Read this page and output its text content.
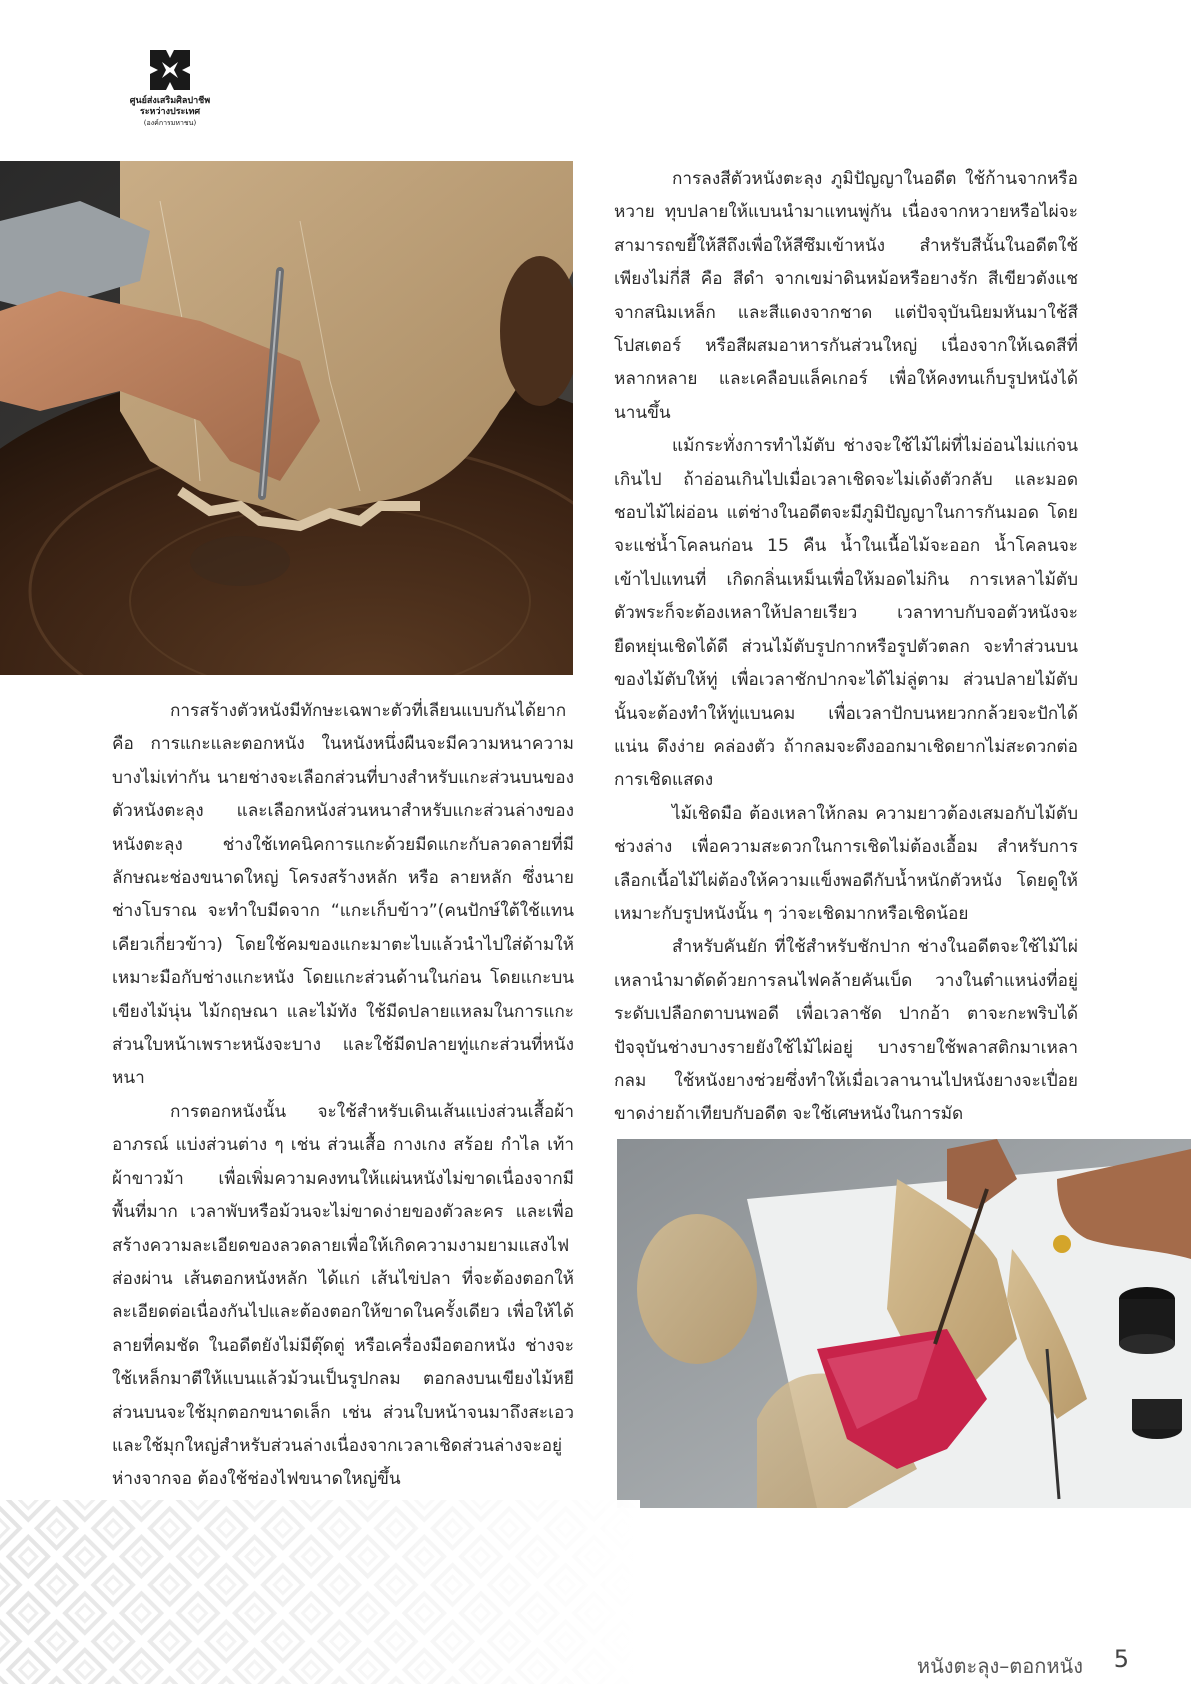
ศูนย์ส่งเสริมศิลปาชีพ
ระหว่างประเทศ
(องค์การมหาชน)

การลงสีตัวหนังตะลุง ภูมิปัญญาในอดีต ใช้ก้านจากหรือหวาย ทุบปลายให้แบนนำมาแทนพู่กัน เนื่องจากหวายหรือไผ่จะสามารถขยี้ให้สีถึงเพื่อให้สีซึมเข้าหนัง สำหรับสีนั้นในอดีตใช้เพียงไม่กี่สี คือ สีดำ จากเขม่าดินหม้อหรือยางรัก สีเขียวตังแชจากสนิมเหล็ก และสีแดงจากชาด แต่ปัจจุบันนิยมหันมาใช้สีโปสเตอร์ หรือสีผสมอาหารกันส่วนใหญ่ เนื่องจากให้เฉดสีที่หลากหลาย และเคลือบแล็คเกอร์ เพื่อให้คงทนเก็บรูปหนังได้นานขึ้น

แม้กระทั่งการทำไม้ตับ ช่างจะใช้ไม้ไผ่ที่ไม่อ่อนไม่แก่จนเกินไป ถ้าอ่อนเกินไปเมื่อเวลาเชิดจะไม่เด้งตัวกลับ และมอดชอบไม้ไผ่อ่อน แต่ช่างในอดีตจะมีภูมิปัญญาในการกันมอด โดยจะแช่น้ำโคลนก่อน 15 คืน น้ำในเนื้อไม้จะออก น้ำโคลนจะเข้าไปแทนที่ เกิดกลิ่นเหม็นเพื่อให้มอดไม่กิน การเหลาไม้ตับตัวพระก็จะต้องเหลาให้ปลายเรียว เวลาทาบกับจอตัวหนังจะยืดหยุ่นเชิดได้ดี ส่วนไม้ตับรูปกากหรือรูปตัวตลก จะทำส่วนบนของไม้ตับให้ทู่ เพื่อเวลาชักปากจะได้ไม่ลู่ตาม ส่วนปลายไม้ตับนั้นจะต้องทำให้ทู่แบนคม เพื่อเวลาปักบนหยวกกล้วยจะปักได้แน่น ดึงง่าย คล่องตัว ถ้ากลมจะดึงออกมาเชิดยากไม่สะดวกต่อการเชิดแสดง

ไม้เชิดมือ ต้องเหลาให้กลม ความยาวต้องเสมอกับไม้ตับช่วงล่าง เพื่อความสะดวกในการเชิดไม่ต้องเอื้อม สำหรับการเลือกเนื้อไม้ไผ่ต้องให้ความแข็งพอดีกับน้ำหนักตัวหนัง โดยดูให้เหมาะกับรูปหนังนั้น ๆ ว่าจะเชิดมากหรือเชิดน้อย

สำหรับคันยัก ที่ใช้สำหรับชักปาก ช่างในอดีตจะใช้ไม้ไผ่เหลานำมาดัดด้วยการลนไฟคล้ายคันเบ็ด วางในตำแหน่งที่อยู่ระดับเปลือกตาบนพอดี เพื่อเวลาชัด ปากอ้า ตาจะกะพริบได้ ปัจจุบันช่างบางรายยังใช้ไม้ไผ่อยู่ บางรายใช้พลาสติกมาเหลากลม ใช้หนังยางช่วยซึ่งทำให้เมื่อเวลานานไปหนังยางจะเปื่อยขาดง่ายถ้าเทียบกับอดีต จะใช้เศษหนังในการมัด

การสร้างตัวหนังมีทักษะเฉพาะตัวที่เลียนแบบกันได้ยากคือ การแกะและตอกหนัง ในหนังหนึ่งผืนจะมีความหนาความบางไม่เท่ากัน นายช่างจะเลือกส่วนที่บางสำหรับแกะส่วนบนของตัวหนังตะลุง และเลือกหนังส่วนหนาสำหรับแกะส่วนล่างของหนังตะลุง ช่างใช้เทคนิคการแกะด้วยมีดแกะกับลวดลายที่มีลักษณะช่องขนาดใหญ่ โครงสร้างหลัก หรือ ลายหลัก ซึ่งนายช่างโบราณ จะทำใบมีดจาก “แกะเก็บข้าว”(คนปักษ์ใต้ใช้แทนเคียวเกี่ยวข้าว) โดยใช้คมของแกะมาตะไบแล้วนำไปใส่ด้ามให้เหมาะมือกับช่างแกะหนัง โดยแกะส่วนด้านในก่อน โดยแกะบนเขียงไม้นุ่น ไม้กฤษณา และไม้ทัง ใช้มีดปลายแหลมในการแกะส่วนใบหน้าเพราะหนังจะบาง และใช้มีดปลายทู่แกะส่วนที่หนังหนา

การตอกหนังนั้น จะใช้สำหรับเดินเส้นแบ่งส่วนเสื้อผ้าอาภรณ์ แบ่งส่วนต่าง ๆ เช่น ส่วนเสื้อ กางเกง สร้อย กำไล เท้าผ้าขาวม้า เพื่อเพิ่มความคงทนให้แผ่นหนังไม่ขาดเนื่องจากมีพื้นที่มาก เวลาพับหรือม้วนจะไม่ขาดง่ายของตัวละคร และเพื่อสร้างความละเอียดของลวดลายเพื่อให้เกิดความงามยามแสงไฟส่องผ่าน เส้นตอกหนังหลัก ได้แก่ เส้นไข่ปลา ที่จะต้องตอกให้ละเอียดต่อเนื่องกันไปและต้องตอกให้ขาดในครั้งเดียว เพื่อให้ได้ลายที่คมชัด ในอดีตยังไม่มีตุ๊ดตู่ หรือเครื่องมือตอกหนัง ช่างจะใช้เหล็กมาตีให้แบนแล้วม้วนเป็นรูปกลม ตอกลงบนเขียงไม้หยี ส่วนบนจะใช้มุกตอกขนาดเล็ก เช่น ส่วนใบหน้าจนมาถึงสะเอว และใช้มุกใหญ่สำหรับส่วนล่างเนื่องจากเวลาเชิดส่วนล่างจะอยู่ห่างจากจอ ต้องใช้ช่องไฟขนาดใหญ่ขึ้น

หนังตะลุง–ตอกหนัง 5
